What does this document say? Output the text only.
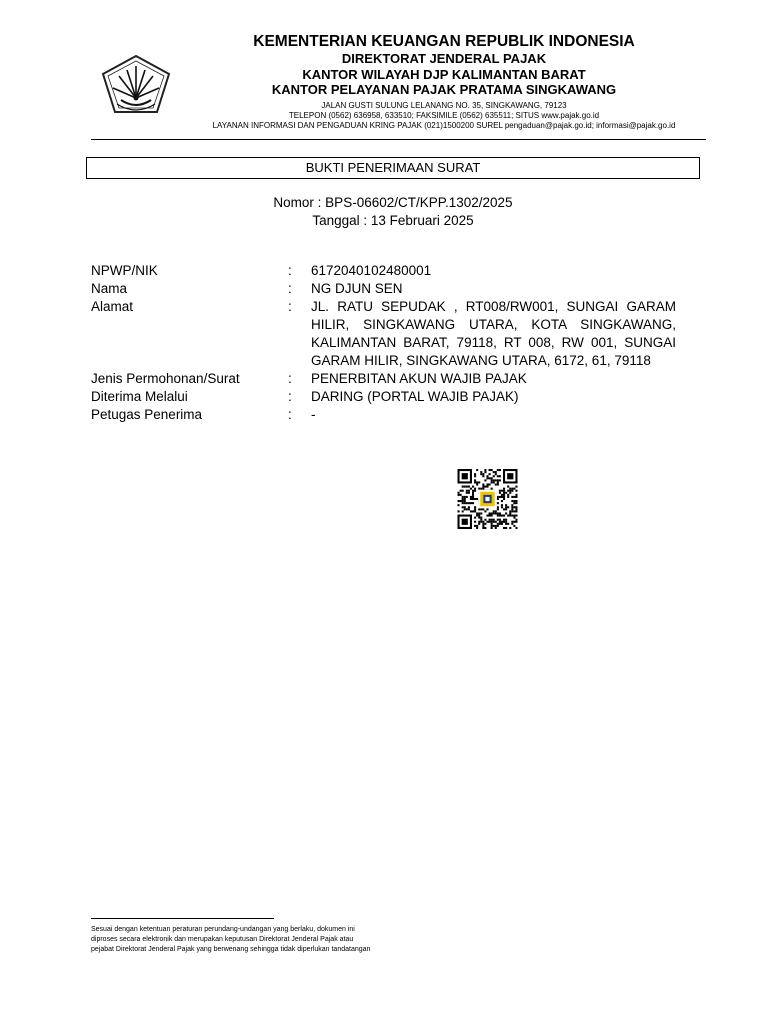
KEMENTERIAN KEUANGAN REPUBLIK INDONESIA
DIREKTORAT JENDERAL PAJAK
KANTOR WILAYAH DJP KALIMANTAN BARAT
KANTOR PELAYANAN PAJAK PRATAMA SINGKAWANG
JALAN GUSTI SULUNG LELANANG NO. 35, SINGKAWANG, 79123
TELEPON (0562) 636958, 633510; FAKSIMILE (0562) 635511; SITUS www.pajak.go.id
LAYANAN INFORMASI DAN PENGADUAN KRING PAJAK (021)1500200 SUREL pengaduan@pajak.go.id; informasi@pajak.go.id
BUKTI PENERIMAAN SURAT
Nomor : BPS-06602/CT/KPP.1302/2025
Tanggal : 13 Februari 2025
NPWP/NIK	:	6172040102480001
Nama	:	NG DJUN SEN
Alamat	:	JL. RATU SEPUDAK , RT008/RW001, SUNGAI GARAM HILIR, SINGKAWANG UTARA, KOTA SINGKAWANG, KALIMANTAN BARAT, 79118, RT 008, RW 001, SUNGAI GARAM HILIR, SINGKAWANG UTARA, 6172, 61, 79118
Jenis Permohonan/Surat	:	PENERBITAN AKUN WAJIB PAJAK
Diterima Melalui	:	DARING (PORTAL WAJIB PAJAK)
Petugas Penerima	:	-
Sesuai dengan ketentuan peraturan perundang-undangan yang berlaku, dokumen ini
diproses secara elektronik dan merupakan keputusan Direktorat Jenderal Pajak atau
pejabat Direktorat Jenderal Pajak yang berwenang sehingga tidak diperlukan tandatangan
